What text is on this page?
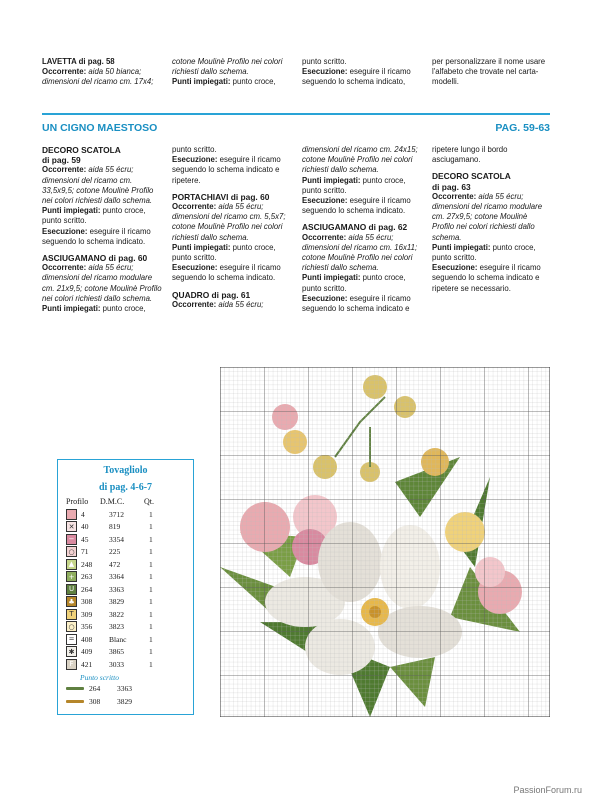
LAVETTA di pag. 58
Occorrente: aida 50 bianca; dimensioni del ricamo cm. 17x4;
cotone Moulinè Profilo nei colori richiesti dallo schema.
Punti impiegati: punto croce,
punto scritto.
Esecuzione: eseguire il ricamo seguendo lo schema indicato,
per personalizzare il nome usare l'alfabeto che trovate nel carta-modelli.
UN CIGNO MAESTOSO	PAG. 59-63
DECORO SCATOLA
di pag. 59
Occorrente: aida 55 écru; dimensioni del ricamo cm. 33,5x9,5; cotone Moulinè Profilo nei colori richiesti dallo schema.
Punti impiegati: punto croce, punto scritto.

Esecuzione: eseguire il ricamo seguendo lo schema indicato.

ASCIUGAMANO di pag. 60
Occorrente: aida 55 écru; dimensioni del ricamo modulare cm. 21x9,5; cotone Moulinè Profilo nei colori richiesti dallo schema.
Punti impiegati: punto croce,
punto scritto.

Esecuzione: eseguire il ricamo seguendo lo schema indicato e ripetere.

PORTACHIAVI di pag. 60
Occorrente: aida 55 écru; dimensioni del ricamo cm. 5,5x7; cotone Moulinè Profilo nei colori richiesti dallo schema.
Punti impiegati: punto croce, punto scritto.

Esecuzione: eseguire il ricamo seguendo lo schema indicato.

QUADRO di pag. 61
Occorrente: aida 55 écru;
dimensioni del ricamo cm. 24x15; cotone Moulinè Profilo nei colori richiesti dallo schema.
Punti impiegati: punto croce, punto scritto.

Esecuzione: eseguire il ricamo seguendo lo schema indicato.

ASCIUGAMANO di pag. 62
Occorrente: aida 55 écru; dimensioni del ricamo cm. 16x11; cotone Moulinè Profilo nei colori richiesti dallo schema.
Punti impiegati: punto croce, punto scritto.
Esecuzione: eseguire il ricamo seguendo lo schema indicato e

ripetere lungo il bordo asciugamano.

DECORO SCATOLA
di pag. 63
Occorrente: aida 55 écru; dimensioni del ricamo modulare cm. 27x9,5; cotone Moulinè Profilo nei colori richiesti dallo schema.
Punti impiegati: punto croce, punto scritto.
Esecuzione: eseguire il ricamo seguendo lo schema indicato e ripetere se necessario.
Tovagliolo
di pag. 4-6-7
Profilo	D.M.C.	Qt.
4	3712	1
✕ 40	819	1
− 45	3354	1
○ 71	225	1
▲ 248	472	1
+ 263	3364	1
U 264	3363	1
♣ 308	3829	1
T 309	3822	1
○ 356	3823	1
= 408	Blanc	1
✱ 409	3865	1
F 421	3033	1
Punto scritto
264	3363
308	3829
PassionForum.ru
